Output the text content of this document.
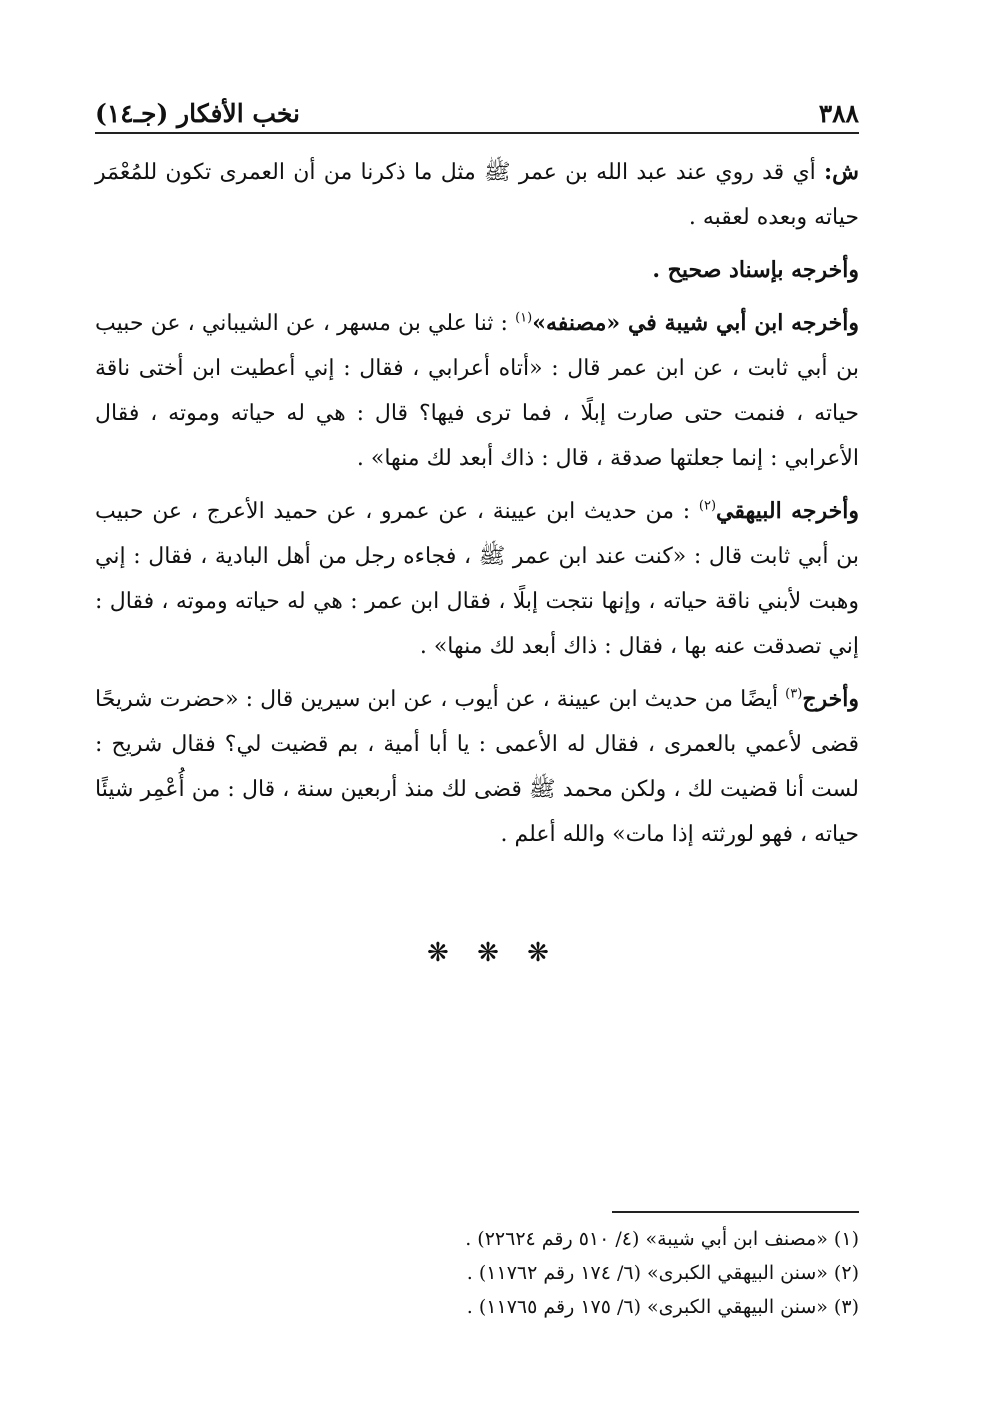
٣٨٨
نخب الأفكار (جـ١٤)

ش: أي قد روي عند عبد الله بن عمر ﷺ مثل ما ذكرنا من أن العمرى تكون للمُعْمَر حياته وبعده لعقبه .

وأخرجه بإسناد صحيح .

وأخرجه ابن أبي شيبة في «مصنفه»$^{(١)}$ : ثنا علي بن مسهر ، عن الشيباني ، عن حبيب بن أبي ثابت ، عن ابن عمر قال : «أتاه أعرابي ، فقال : إني أعطيت ابن أختى ناقة حياته ، فنمت حتى صارت إبلًا ، فما ترى فيها؟ قال : هي له حياته وموته ، فقال الأعرابي : إنما جعلتها صدقة ، قال : ذاك أبعد لك منها» .

وأخرجه البيهقي$^{(٢)}$ : من حديث ابن عيينة ، عن عمرو ، عن حميد الأعرج ، عن حبيب بن أبي ثابت قال : «كنت عند ابن عمر ﷺ ، فجاءه رجل من أهل البادية ، فقال : إني وهبت لأبني ناقة حياته ، وإنها نتجت إبلًا ، فقال ابن عمر : هي له حياته وموته ، فقال : إني تصدقت عنه بها ، فقال : ذاك أبعد لك منها» .

وأخرج$^{(٣)}$ أيضًا من حديث ابن عيينة ، عن أيوب ، عن ابن سيرين قال : «حضرت شريحًا قضى لأعمي بالعمرى ، فقال له الأعمى : يا أبا أمية ، بم قضيت لي؟ فقال شريح : لست أنا قضيت لك ، ولكن محمد ﷺ قضى لك منذ أربعين سنة ، قال : من أُعْمِر شيئًا حياته ، فهو لورثته إذا مات» والله أعلم .

❋ ❋ ❋
(١) «مصنف ابن أبي شيبة» (٤/ ٥١٠ رقم ٢٢٦٢٤) .
(٢) «سنن البيهقي الكبرى» (٦/ ١٧٤ رقم ١١٧٦٢) .
(٣) «سنن البيهقي الكبرى» (٦/ ١٧٥ رقم ١١٧٦٥) .
